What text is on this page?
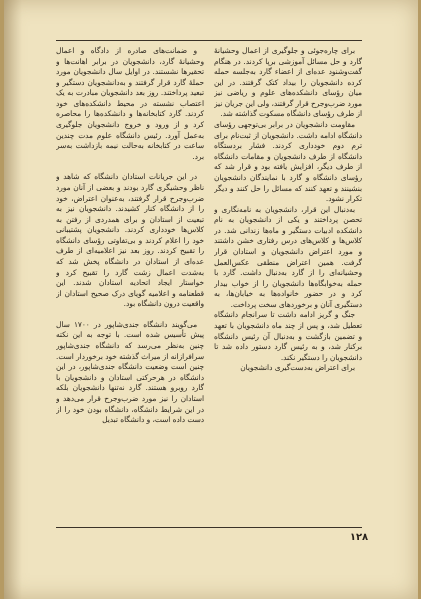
برای چاره‌جوئی و جلوگیری از اعمال وحشیانهٔ گارد و حل مسائل آموزشی برپا کردند. در هنگام گفت‌وشنود عده‌ای از اعضاء گارد به‌جلسه حمله کرده دانشجویان را بیداد کتک گرفتند. در این میان رؤسای دانشکده‌های علوم و ریاضی نیز مورد ضرب‌وجرح قرار گرفتند، ولی این جریان نیز از طرف رؤسای دانشگاه مسکوت گذاشته شد.

مقاومت دانشجویان در برابر بی‌توجهی رؤسای دانشگاه ادامه داشت. دانشجویان از ثبت‌نام برای ترم دوم خودداری کردند. فشار بردستگاه دانشگاه از طرف دانشجویان و مقامات دانشگاه از طرف دیگر، افزایش یافته بود و قرار شد که رؤسای دانشگاه و گارد با نمایندگان دانشجویان بنشینند و تعهد کنند که مسائل را حل کنند و دیگر تکرار نشود.

به‌دنبال این قرار، دانشجویان به نامه‌نگاری و تحصن پرداختند و یکی از دانشجویان به نام دانشکده ادبیات دستگیر و ماه‌ها زندانی شد. در کلاس‌ها و کلاس‌های درس رفتاری خشن داشتند و مورد اعتراض دانشجویان و استادان قرار گرفت. همین اعتراض منطقی عکس‌العمل وحشیانه‌ای را از گارد به‌دنبال داشت. گارد با حمله به‌خوابگاه‌ها دانشجویان را از خواب بیدار کرد و در حضور خانواده‌ها به خیابان‌ها، به دستگیری آنان و برخوردهای سخت پرداخت.

جنگ و گریز ادامه داشت تا سرانجام دانشگاه تعطیل شد، و پس از چند ماه دانشجویان با تعهد و تضمین بازگشت و به‌دنبال آن رئیس دانشگاه برکنار شد، و به رئیس گارد دستور داده شد تا دانشجویان را دستگیر نکند.

برای اعتراض به‌دست‌گیری دانشجویان

و ضمانت‌های صادره از دادگاه و اعمال وحشیانهٔ گارد، دانشجویان در برابر اهانت‌ها و تحقیرها نشستند. در اوایل سال دانشجویان مورد حملهٔ گارد قرار گرفتند و به‌دانشجویان دستگیر و تبعید پرداختند. روز بعد دانشجویان مبادرت به یک اعتصاب نشسته در محیط دانشکده‌های خود کردند. گارد کتابخانه‌ها و دانشکده‌ها را محاصره کرد و از ورود و خروج دانشجویان جلوگیری به‌عمل آورد. رئیس دانشگاه علوم مدت چندین ساعت در کتابخانه به‌حالت نیمه بازداشت به‌سر برد.

در این جریانات استادان دانشگاه که شاهد و ناظر وحشیگری گارد بودند و بعضی از آنان مورد ضرب‌وجرح قرار گرفتند، به‌عنوان اعتراض، خود را از دانشگاه کنار کشیدند. دانشجویان نیز به تبعیت از استادان و برای همدردی از رفتن به کلاس‌ها خودداری کردند. دانشجویان پشتیبانی خود را اعلام کردند و بی‌تفاوتی رؤسای دانشگاه را تقبیح کردند. روز بعد نیز اعلامیه‌ای از طرف عده‌ای از استادان در دانشگاه پخش شد که به‌شدت اعمال زشت گارد را تقبیح کرد و خواستار ایجاد اتحادیه استادان شدند. این قطعنامه و اعلامیه گویای درک صحیح استادان از واقعیت درون دانشگاه بود.

می‌گویند دانشگاه جندی‌شاپور در ۱۷۰۰ سال پیش تأسیس شده است. با توجه به این نکته چنین به‌نظر می‌رسد که دانشگاه جندی‌شاپور سرافرازانه از میراث گذشته خود برخوردار است. چنین است وضعیت دانشگاه جندی‌شاپور، در این دانشگاه در هرحرکتی استادان و دانشجویان با گارد روبرو هستند. گارد نه‌تنها دانشجویان بلکه استادان را نیز مورد ضرب‌وجرح قرار می‌دهد و در این شرایط دانشگاه، دانشگاه بودن خود را از دست داده است، و دانشگاه تبدیل

۱۲۸
